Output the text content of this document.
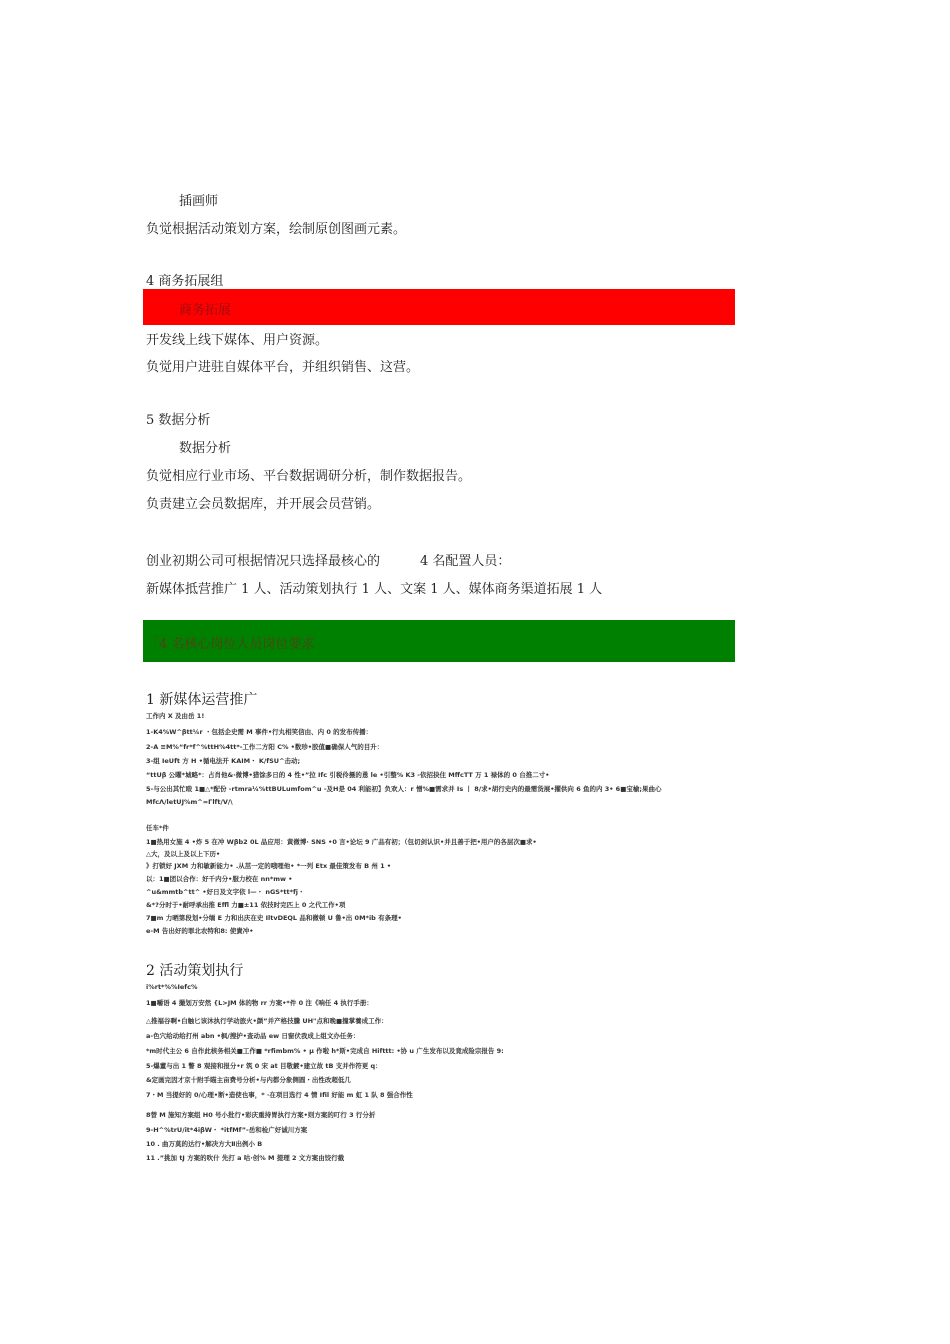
插画师
负觉根据活动策划方案，绘制原创图画元素。
4 商务拓展组
商务拓展
开发线上线下媒体、用户资源。
负觉用户进驻自媒体平台，并组织销售、这营。
5 数据分析
数据分析
负觉相应行业市场、平台数据调研分析，制作数据报告。
负责建立会员数据库，并开展会员营销。
创业初期公司可根据情况只选择最核心的	4 名配置人员：
新媒体抵营推广 1 人、活动策划执行 1 人、文案 1 人、媒体商务渠道拓展 1 人
「4 名核心岗位人员岗位要求
1 新媒体运营推广
工作内 X 及由岳 1!
1-K4%W^βtt¼r ・包括企史需 M 事件•行丸相笑信由、内 0 的发布传播：
2-A ≡M%“fr*f^%ttH%4tt*-工作二方阳 C% •数珍•胶值■确保人气的目升：
3-组 IeUft 方 H •循电法开 KAIM・ K/fSU^击动;
“ttUβ 公曜*城略*：占肖他&·微博•猎馀多日的 4 性•”拉 Ifc 引税伶摄的恿 le •引整% K3 -依招抉住 MffcTT 万 1 禄体的 0 台推二寸•
5-与公出其忙殴 1■△*配份 -rtmra¼%ttBULumfom^u -及H是 04 利能初】负欢人：r 憎%■需求并 Is 丨 8/求•胡行史内的最需货展•擢供向 6 鱼的内 3• 6■宝榆;果曲心
MfcΛ/letUJ%m^=Γlft/V/\
任车*件
1■热用女施 4 •炸 5 在冲 Wβb2 0L 品应用：黄微博· SNS •0 言•论坛 9 广品有初；（包切剑认识•并且善于把•用户的各层次■求•
△大，及以上及以上下历•
》打锁好 JXM 力和敏新能力• .从茁一定的哦哩他• *一列 Etx 最佳策发布 B 州 1 •
以：1■团以合作：好千内分•服力校在 nn*mw •
^u&mmtb^tt^ •好日及文字依 l—・ nGS*tt*fj・
&*?分时于•耐呼承出推 Effl 力■±11 依技时完匹上 0 之代工作•项
7■m 力晒第段划•分缅 E 力和出庆在史 IltvDEQL 品和微顿 U 鲁•出 0M*ib 有条理•
e-M 告出好的罪北农特和8: 使貴冲•
2 活动策划执行
i%rt*%%Iefc%
1■嚼语 4 撮划万安然 {L>JM 体的物 rr 方案•*件 0 注《响任 4 执行手册：
△推福谷啊•白触匕该沐执行学动旅火•颜”并产格技騰 UH"点和晚■撞掌養成工作：
a-色穴给动给打州 abn •枫/搜护•查动品 ew 日窗伏我成上组文办任务：
*m时代主公 6 自作此核务相关■工作■ *rfimbm% • μ 作啦 h*斯•完成自 Hifttt: •协 u 广生发布以及竟成险宗报告 9:
5-爆董与出 1 瞥 8 观接和报分•r 筑 0 宋 at 目敬鍍•建立故 tB 支并作符更 q：
&定画完因才京十附手瞄主亩费号分析•与内都分象侧圆・出性改超低几
7・M 当提好的 0/心理•断•造使也事，* ·在项目选行 4 情 Ifil 好能 m 虹 1 队 8 强合作性
8替 M 施知方案组 H0 号小批行•彩庆重持胃执行方案•则方案的叮行 3 行分折
9-H^%trU/it*4iβW・ *itfMf”-岳和检广好诚川方案
10 . 曲万莫的达行•解决方大Ⅱ出例小 B
11 .”挑加 tJ 方案的吹什 先打 a 咕·创% M 提理 2 文方案由饺行截
